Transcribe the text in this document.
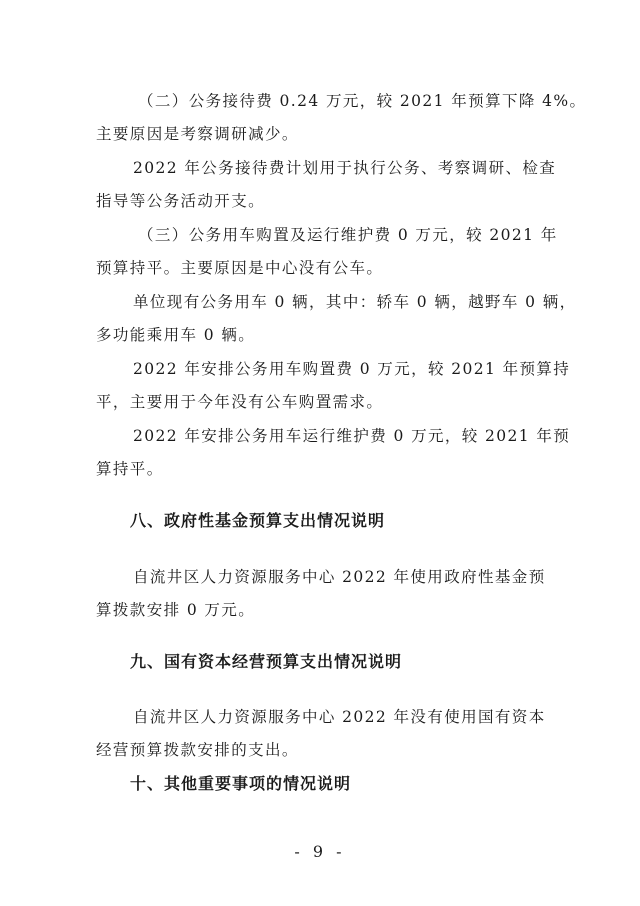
（二）公务接待费 0.24 万元，较 2021 年预算下降 4%。
主要原因是考察调研减少。
2022 年公务接待费计划用于执行公务、考察调研、检查
指导等公务活动开支。
（三）公务用车购置及运行维护费 0 万元，较 2021 年
预算持平。主要原因是中心没有公车。
单位现有公务用车 0 辆，其中：轿车 0 辆，越野车 0 辆，
多功能乘用车 0 辆。
2022 年安排公务用车购置费 0 万元，较 2021 年预算持
平，主要用于今年没有公车购置需求。
2022 年安排公务用车运行维护费 0 万元，较 2021 年预
算持平。
八、政府性基金预算支出情况说明
自流井区人力资源服务中心 2022 年使用政府性基金预
算拨款安排 0 万元。
九、国有资本经营预算支出情况说明
自流井区人力资源服务中心 2022 年没有使用国有资本
经营预算拨款安排的支出。
十、其他重要事项的情况说明
- 9 -
